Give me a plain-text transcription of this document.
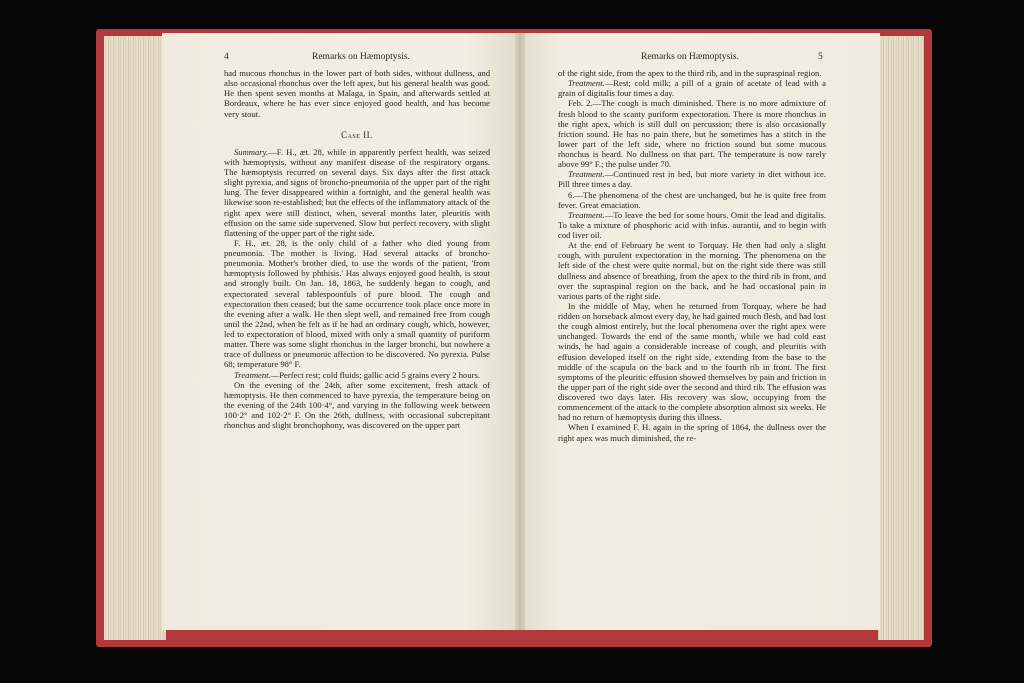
4	Remarks on Hæmoptysis.	Remarks on Hæmoptysis.	5

had mucous rhonchus in the lower part of both sides, without dullness, and also occasional rhonchus over the left apex, but his general health was good. He then spent seven months at Malaga, in Spain, and afterwards settled at Bordeaux, where he has ever since enjoyed good health, and has become very stout.

Case II.

Summary.—F. H., æt. 28, while in apparently perfect health, was seized with hæmoptysis, without any manifest disease of the respiratory organs. The hæmoptysis recurred on several days. Six days after the first attack slight pyrexia, and signs of broncho-pneumonia of the upper part of the right lung. The fever disappeared within a fortnight, and the general health was likewise soon re-established; but the effects of the inflammatory attack of the right apex were still distinct, when, several months later, pleuritis with effusion on the same side supervened. Slow but perfect recovery, with slight flattening of the upper part of the right side.

F. H., æt. 28, is the only child of a father who died young from pneumonia. The mother is living. Had several attacks of broncho-pneumonia. Mother's brother died, to use the words of the patient, 'from hæmoptysis followed by phthisis.' Has always enjoyed good health, is stout and strongly built. On Jan. 18, 1863, he suddenly began to cough, and expectorated several tablespoonfuls of pure blood. The cough and expectoration then ceased; but the same occurrence took place once more in the evening after a walk. He then slept well, and remained free from cough until the 22nd, when he felt as if he had an ordinary cough, which, however, led to expectoration of blood, mixed with only a small quantity of puriform matter. There was some slight rhonchus in the larger bronchi, but nowhere a trace of dullness or pneumonic affection to be discovered. No pyrexia. Pulse 68; temperature 98° F.

Treatment.—Perfect rest; cold fluids; gallic acid 5 grains every 2 hours.

On the evening of the 24th, after some excitement, fresh attack of hæmoptysis. He then commenced to have pyrexia, the temperature being on the evening of the 24th 100·4°, and varying in the following week between 100·2° and 102·2° F. On the 26th, dullness, with occasional subcrepitant rhonchus and slight bronchophony, was discovered on the upper part

of the right side, from the apex to the third rib, and in the supraspinal region.

Treatment.—Rest; cold milk; a pill of a grain of acetate of lead with a grain of digitalis four times a day.

Feb. 2.—The cough is much diminished. There is no more admixture of fresh blood to the scanty puriform expectoration. There is more rhonchus in the right apex, which is still dull on percussion; there is also occasionally friction sound. He has no pain there, but he sometimes has a stitch in the lower part of the left side, where no friction sound but some mucous rhonchus is heard. No dullness on that part. The temperature is now rarely above 99° F.; the pulse under 70.

Treatment.—Continued rest in bed, but more variety in diet without ice. Pill three times a day.

6.—The phenomena of the chest are unchanged, but he is quite free from fever. Great emaciation.

Treatment.—To leave the bed for some hours. Omit the lead and digitalis. To take a mixture of phosphoric acid with infus. aurantii, and to begin with cod liver oil.

At the end of February he went to Torquay. He then had only a slight cough, with purulent expectoration in the morning. The phenomena on the left side of the chest were quite normal, but on the right side there was still dullness and absence of breathing, from the apex to the third rib in front, and over the supraspinal region on the back, and he had occasional pain in various parts of the right side.

In the middle of May, when he returned from Torquay, where he had ridden on horseback almost every day, he had gained much flesh, and had lost the cough almost entirely, but the local phenomena over the right apex were unchanged. Towards the end of the same month, while we had cold east winds, he had again a considerable increase of cough, and pleuritis with effusion developed itself on the right side, extending from the base to the middle of the scapula on the back and to the fourth rib in front. The first symptoms of the pleuritic effusion showed themselves by pain and friction in the upper part of the right side over the second and third rib. The effusion was discovered two days later. His recovery was slow, occupying from the commencement of the attack to the complete absorption almost six weeks. He had no return of hæmoptysis during this illness.

When I examined F. H. again in the spring of 1864, the dullness over the right apex was much diminished, the re-
